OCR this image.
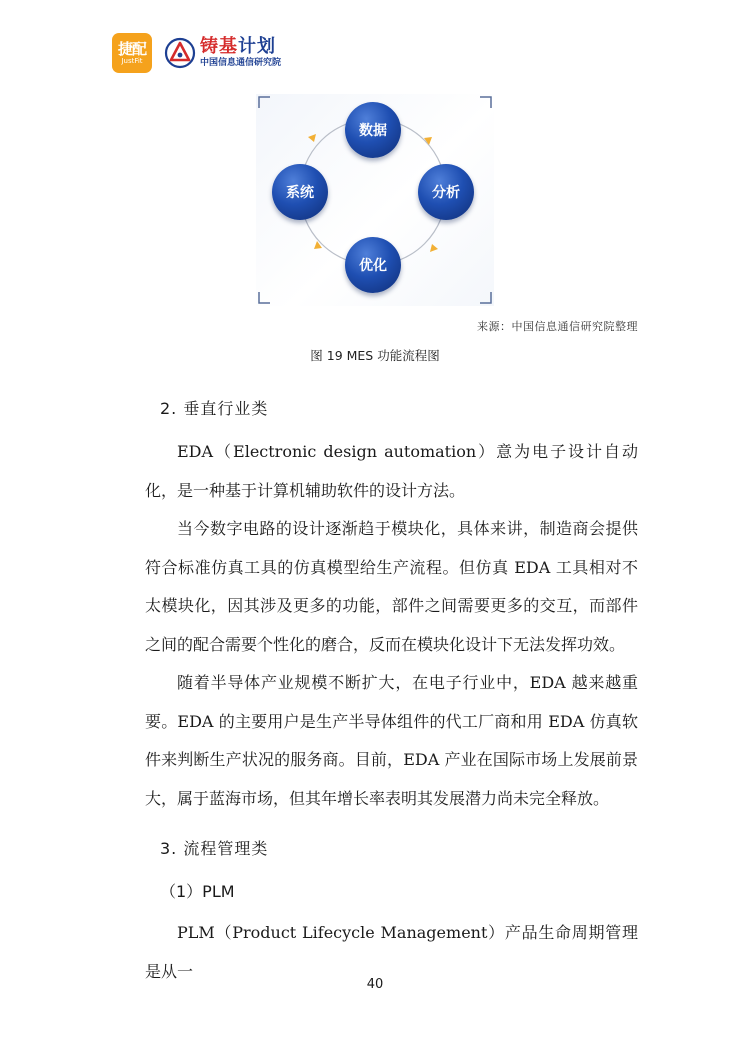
捷配
JustFit
铸基计划
中国信息通信研究院
数据
分析
优化
系统
来源：中国信息通信研究院整理
图 19 MES 功能流程图
2. 垂直行业类

EDA（Electronic design automation）意为电子设计自动化，是一种基于计算机辅助软件的设计方法。

当今数字电路的设计逐渐趋于模块化，具体来讲，制造商会提供符合标准仿真工具的仿真模型给生产流程。但仿真 EDA 工具相对不太模块化，因其涉及更多的功能，部件之间需要更多的交互，而部件之间的配合需要个性化的磨合，反而在模块化设计下无法发挥功效。

随着半导体产业规模不断扩大，在电子行业中，EDA 越来越重要。EDA 的主要用户是生产半导体组件的代工厂商和用 EDA 仿真软件来判断生产状况的服务商。目前，EDA 产业在国际市场上发展前景大，属于蓝海市场，但其年增长率表明其发展潜力尚未完全释放。

3. 流程管理类
（1）PLM

PLM（Product Lifecycle Management）产品生命周期管理是从一

40
